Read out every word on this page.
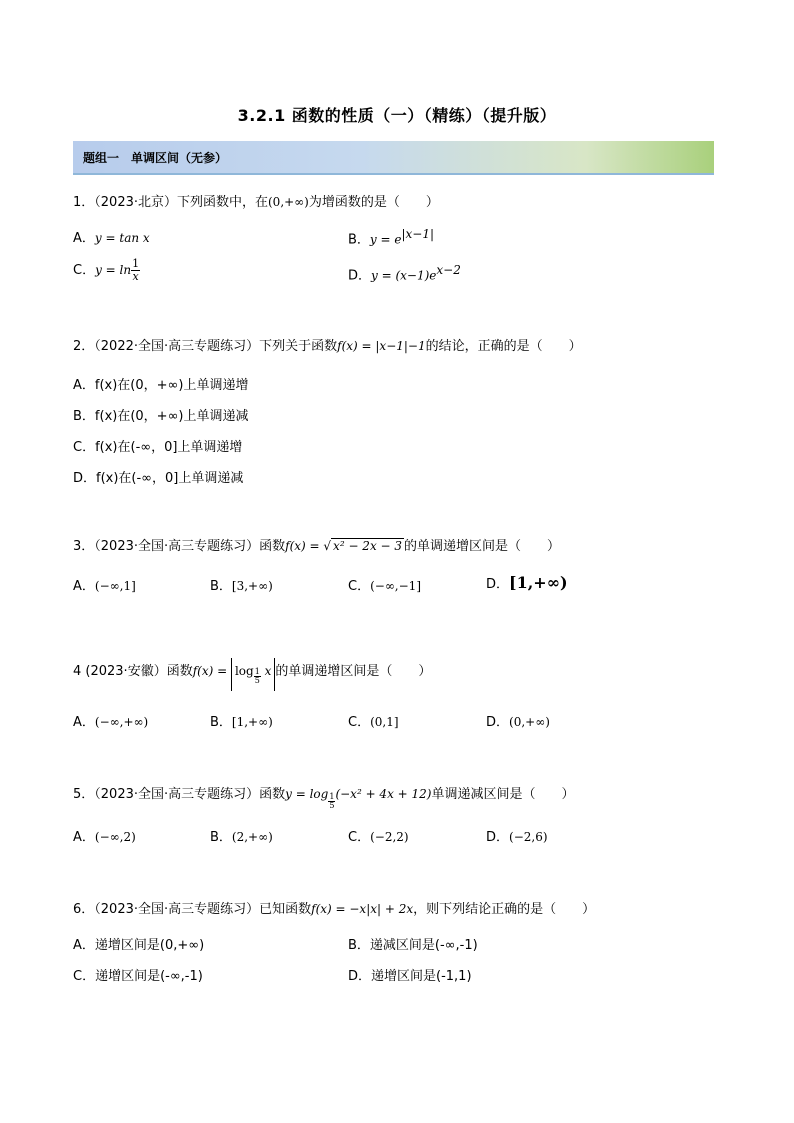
3.2.1 函数的性质（一）（精练）（提升版）
题组一　单调区间（无参）
1．（2023·北京）下列函数中，在(0,+∞)为增函数的是（　　）
A．y = tan x	B．$y = e^{|x-1|}$
C．$y = \ln \frac{1}{x}$	D．$y = (x-1)e^{x-2}$
2．（2022·全国·高三专题练习）下列关于函数f(x) = |x−1|−1的结论，正确的是（　　）
A．f(x)在(0，+∞)上单调递增
B．f(x)在(0，+∞)上单调递减
C．f(x)在(-∞，0]上单调递增
D．f(x)在(-∞，0]上单调递减
3．（2023·全国·高三专题练习）函数f(x) = √ x² − 2x − 3 的单调递增区间是（　　）
A．(−∞,1]	B．[3,+∞)	C．(−∞,−1]	D．[1,+∞)
4 (2023·安徽）函数$f(x) = \log \frac{1}{5}$ x 的单调递增区间是（　　）
A．(−∞,+∞)	B．[1,+∞)	C．(0,1]	D．(0,+∞)
5．（2023·全国·高三专题练习）函数$y = \log \frac{1}{5} (-x^2 + 4x + 12)$单调递减区间是（　　）
A．(−∞,2)	B．(2,+∞)	C．(−2,2)	D．(−2,6)
6．（2023·全国·高三专题练习）已知函数f(x) = −x|x| + 2x，则下列结论正确的是（　　）
A．递增区间是(0,+∞)	B．递减区间是(-∞,-1)
C．递增区间是(-∞,-1)	D．递增区间是(-1,1)
